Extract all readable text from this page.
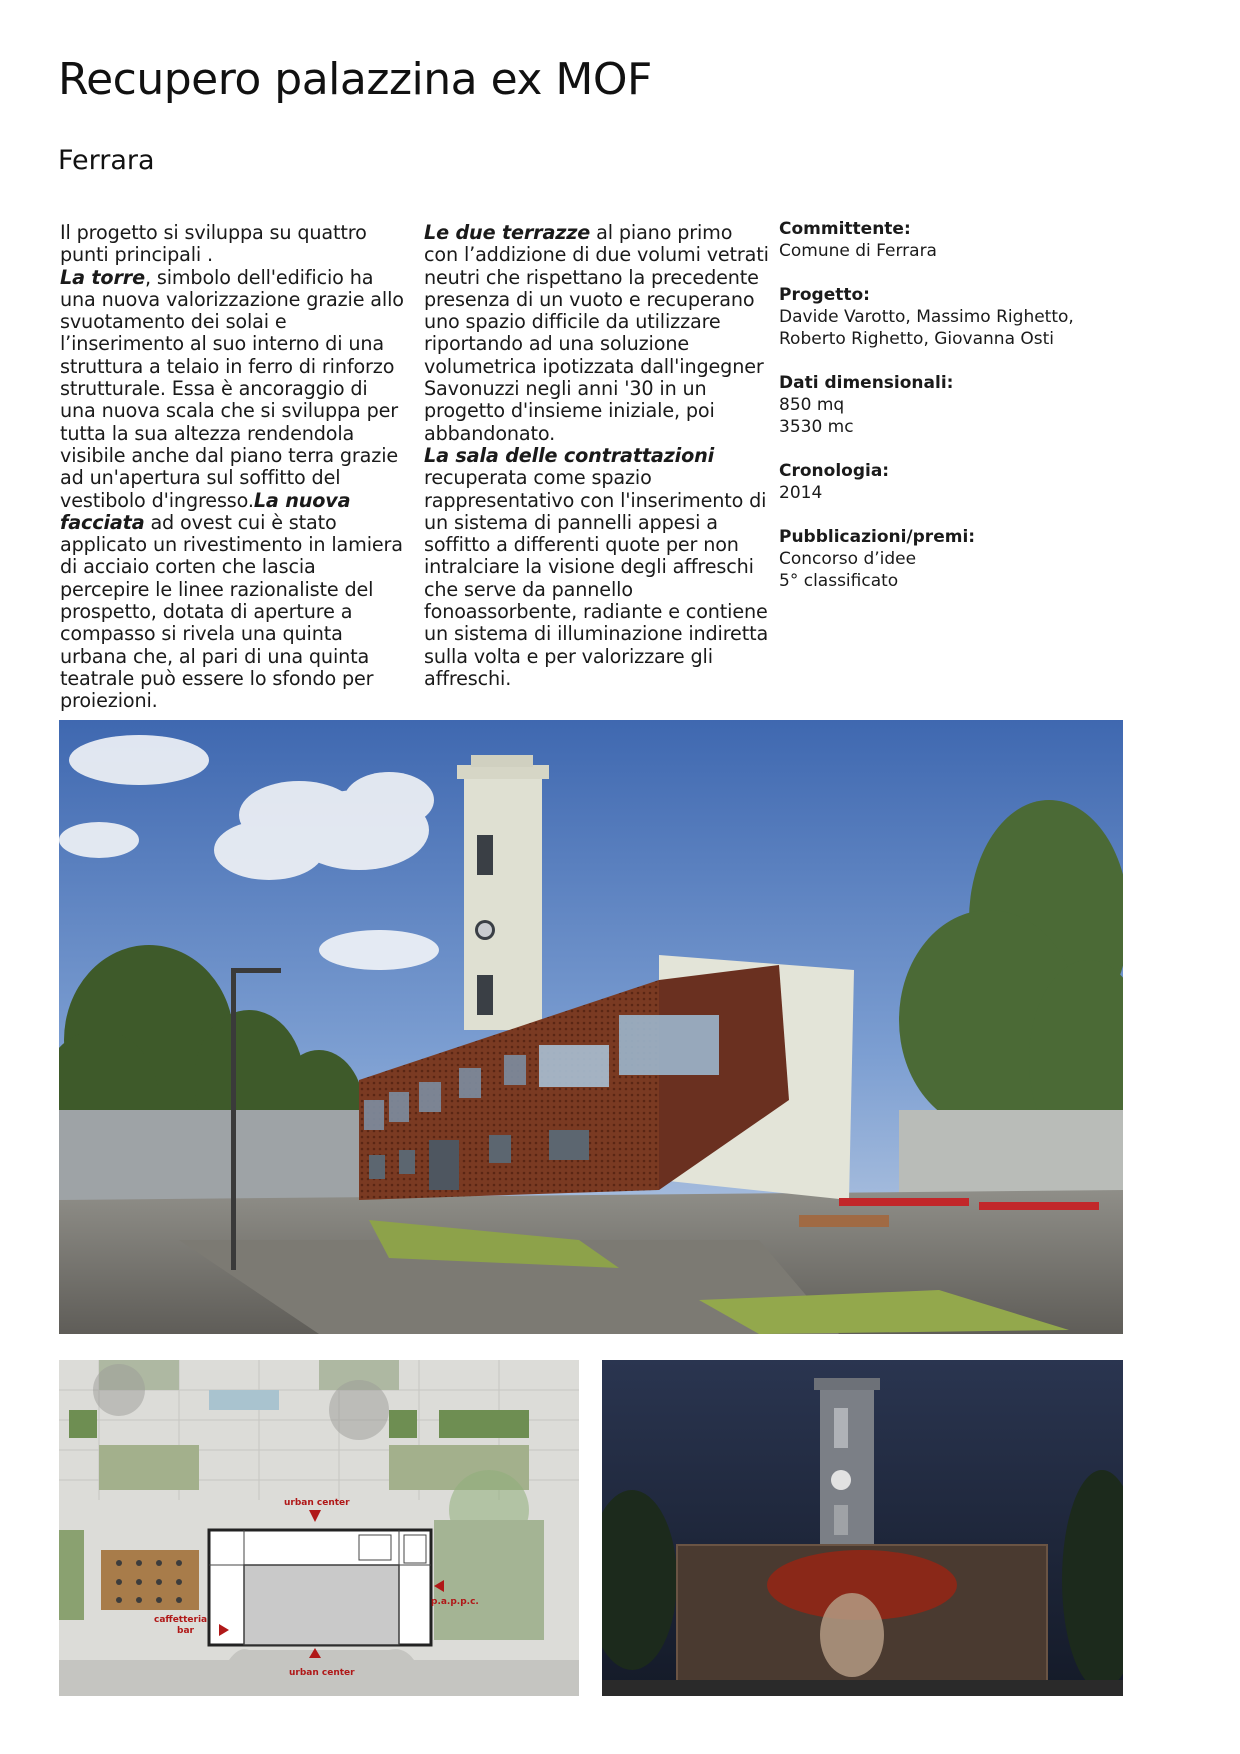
Recupero palazzina ex MOF
Ferrara

Il progetto si sviluppa su quattro punti principali .

La torre, simbolo dell'edificio ha una nuova valorizzazione grazie allo svuotamento dei solai e l’inserimento al suo interno di una struttura a telaio in ferro di rinforzo strutturale. Essa è ancoraggio di una nuova scala che si sviluppa per tutta la sua altezza rendendola visibile anche dal piano terra grazie ad un'apertura sul soffitto del vestibolo d'ingresso.La nuova facciata ad ovest cui è stato applicato un rivestimento in lamiera di acciaio corten che lascia percepire le linee razionaliste del prospetto, dotata di aperture a compasso si rivela una quinta urbana che, al pari di una quinta teatrale può essere lo sfondo per proiezioni.

Le due terrazze al piano primo con l’addizione di due volumi vetrati neutri che rispettano la precedente presenza di un vuoto e recuperano uno spazio difficile da utilizzare riportando ad una soluzione volumetrica ipotizzata dall'ingegner Savonuzzi negli anni '30 in un progetto d'insieme iniziale, poi abbandonato.

La sala delle contrattazioni recuperata come spazio rappresentativo con l'inserimento di un sistema di pannelli appesi a soffitto a differenti quote per non intralciare la visione degli affreschi che serve da pannello fonoassorbente, radiante e contiene un sistema di illuminazione indiretta sulla volta e per valorizzare gli affreschi.

Committente:
Comune di Ferrara
Progetto:
Davide Varotto, Massimo Righetto,
Roberto Righetto, Giovanna Osti
Dati dimensionali:
850 mq
3530 mc
Cronologia:
2014
Pubblicazioni/premi:
Concorso d’idee
5° classificato
urban center
p.a.p.p.c.
caffetteria
bar
urban center
